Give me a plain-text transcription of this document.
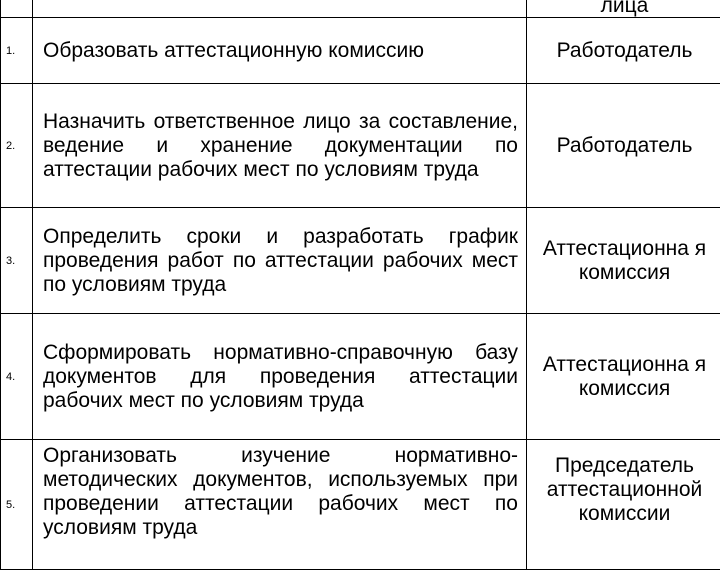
		лица
1.	Образовать аттестационную комиссию	Работодатель
2.	Назначить ответственное лицо за составление, ведение и хранение документации по аттестации рабочих мест по условиям труда	Работодатель
3.	Определить сроки и разработать график проведения работ по аттестации рабочих мест по условиям труда	Аттестационна я комиссия

4.	Сформировать нормативно-справочную базу документов для проведения аттестации рабочих мест по условиям труда	Аттестационна я комиссия

5.	Организовать изучение нормативно-методических документов, используемых при проведении аттестации рабочих мест по условиям труда	Председатель аттестационной комиссии
